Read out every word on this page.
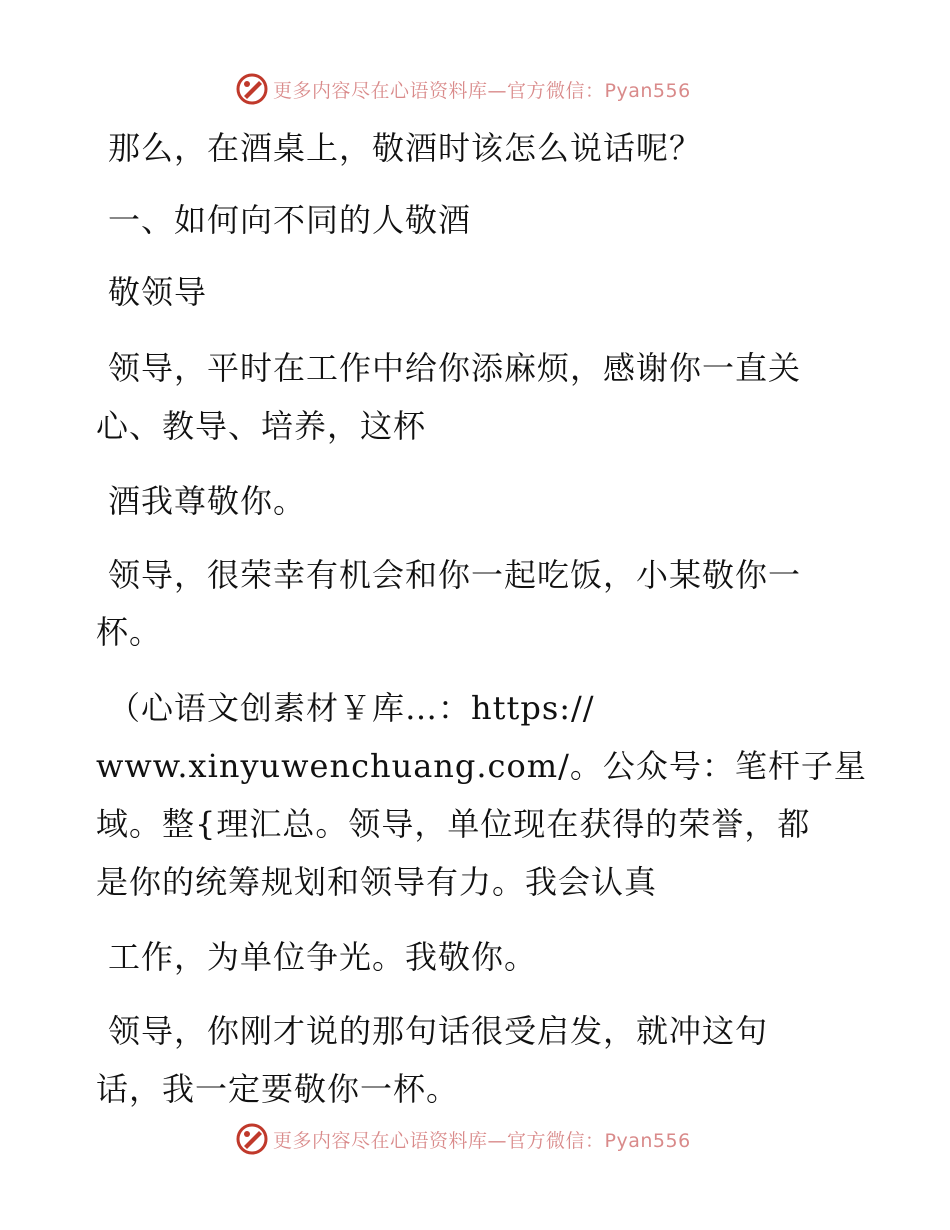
更多内容尽在心语资料库—官方微信：Pyan556
那么，在酒桌上，敬酒时该怎么说话呢？
一、如何向不同的人敬酒
敬领导
领导，平时在工作中给你添麻烦，感谢你一直关
心、教导、培养，这杯
酒我尊敬你。
领导，很荣幸有机会和你一起吃饭，小某敬你一
杯。
（心语文创素材￥库…：https://
www.xinyuwenchuang.com/。公众号：笔杆子星
域。整{理汇总。领导，单位现在获得的荣誉，都
是你的统筹规划和领导有力。我会认真
工作，为单位争光。我敬你。
领导，你刚才说的那句话很受启发，就冲这句
话，我一定要敬你一杯。
更多内容尽在心语资料库—官方微信：Pyan556
